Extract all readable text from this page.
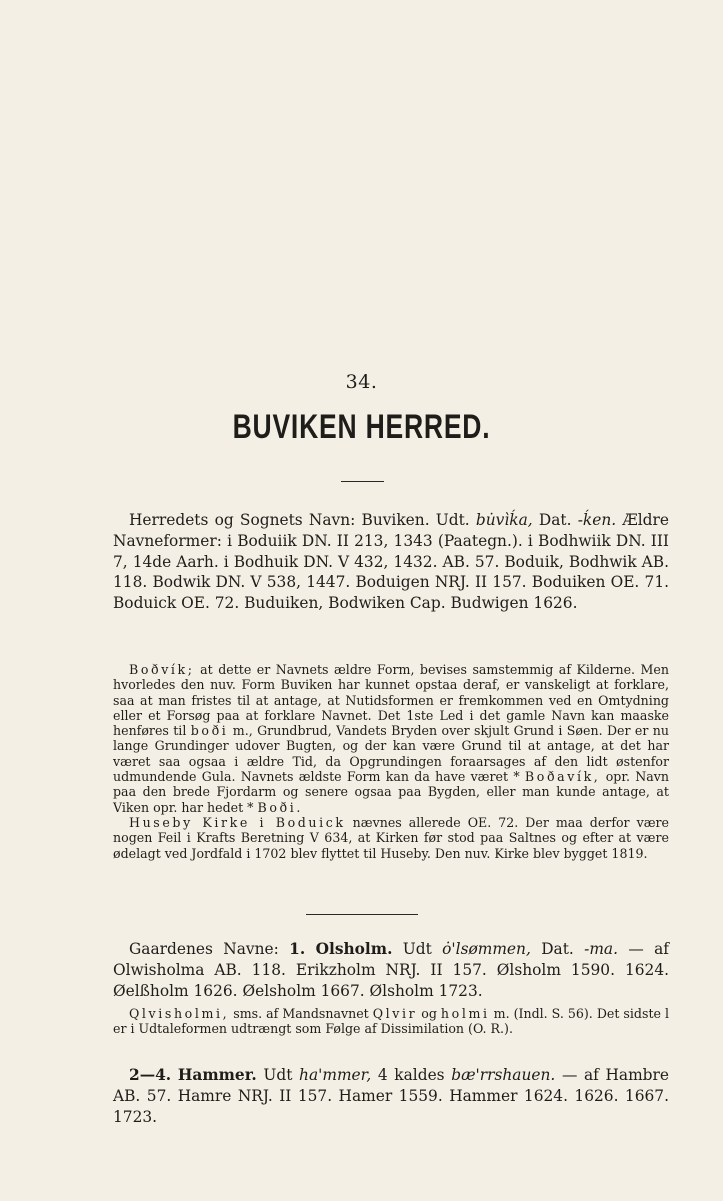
34.
BUVIKEN HERRED.

Herredets og Sognets Navn: Buviken. Udt. bu̇vìḱa, Dat. -ḱen. Ældre Navneformer: i Boduiik DN. II 213, 1343 (Paategn.). i Bodhwiik DN. III 7, 14de Aarh. i Bodhuik DN. V 432, 1432. AB. 57. Boduik, Bodhwik AB. 118. Bodwik DN. V 538, 1447. Boduigen NRJ. II 157. Boduiken OE. 71. Boduick OE. 72. Buduiken, Bodwiken Cap. Budwigen 1626.

Boðvík; at dette er Navnets ældre Form, bevises samstemmig af Kilderne. Men hvorledes den nuv. Form Buviken har kunnet opstaa deraf, er vanskeligt at forklare, saa at man fristes til at antage, at Nutidsformen er fremkommen ved en Omtydning eller et Forsøg paa at forklare Navnet. Det 1ste Led i det gamle Navn kan maaske henføres til boði m., Grundbrud, Vandets Bryden over skjult Grund i Søen. Der er nu lange Grundinger udover Bugten, og der kan være Grund til at antage, at det har været saa ogsaa i ældre Tid, da Opgrundingen foraarsages af den lidt østenfor udmundende Gula. Navnets ældste Form kan da have været * Boðavík, opr. Navn paa den brede Fjordarm og senere ogsaa paa Bygden, eller man kunde antage, at Viken opr. har hedet * Boði.

Huseby Kirke i Boduick nævnes allerede OE. 72. Der maa derfor være nogen Feil i Krafts Beretning V 634, at Kirken før stod paa Saltnes og efter at være ødelagt ved Jordfald i 1702 blev flyttet til Huseby. Den nuv. Kirke blev bygget 1819.

Gaardenes Navne: 1. Olsholm. Udt ȯ'lsømmen, Dat. -ma. — af Olwisholma AB. 118. Erikzholm NRJ. II 157. Ølsholm 1590. 1624. Øelßholm 1626. Øelsholm 1667. Ølsholm 1723.

Qlvisholmi, sms. af Mandsnavnet Qlvir og holmi m. (Indl. S. 56). Det sidste l er i Udtaleformen udtrængt som Følge af Dissimilation (O. R.).

2—4. Hammer. Udt ha'mmer, 4 kaldes bæ'rrshauen. — af Hambre AB. 57. Hamre NRJ. II 157. Hamer 1559. Hammer 1624. 1626. 1667. 1723.
